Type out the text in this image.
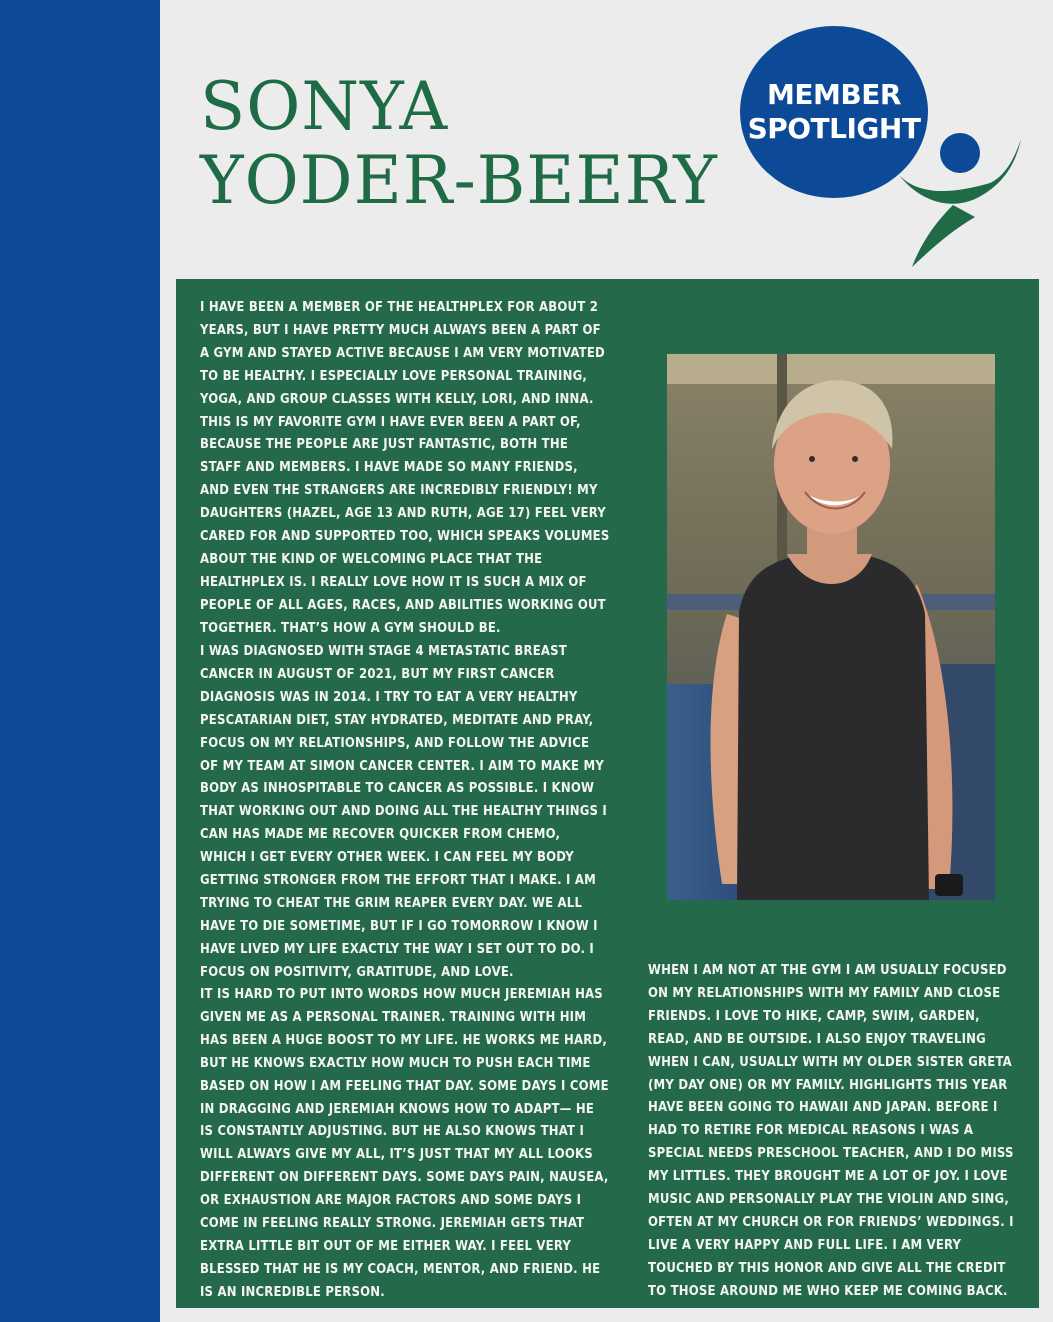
SONYA
YODER-BEERY
MEMBER
SPOTLIGHT

I HAVE BEEN A MEMBER OF THE HEALTHPLEX FOR ABOUT 2 YEARS, BUT I HAVE PRETTY MUCH ALWAYS BEEN A PART OF A GYM AND STAYED ACTIVE BECAUSE I AM VERY MOTIVATED TO BE HEALTHY. I ESPECIALLY LOVE PERSONAL TRAINING, YOGA, AND GROUP CLASSES WITH KELLY, LORI, AND INNA. THIS IS MY FAVORITE GYM I HAVE EVER BEEN A PART OF, BECAUSE THE PEOPLE ARE JUST FANTASTIC, BOTH THE STAFF AND MEMBERS. I HAVE MADE SO MANY FRIENDS, AND EVEN THE STRANGERS ARE INCREDIBLY FRIENDLY! MY DAUGHTERS (HAZEL, AGE 13 AND RUTH, AGE 17) FEEL VERY CARED FOR AND SUPPORTED TOO, WHICH SPEAKS VOLUMES ABOUT THE KIND OF WELCOMING PLACE THAT THE HEALTHPLEX IS. I REALLY LOVE HOW IT IS SUCH A MIX OF PEOPLE OF ALL AGES, RACES, AND ABILITIES WORKING OUT TOGETHER. THAT’S HOW A GYM SHOULD BE.

I WAS DIAGNOSED WITH STAGE 4 METASTATIC BREAST CANCER IN AUGUST OF 2021, BUT MY FIRST CANCER DIAGNOSIS WAS IN 2014. I TRY TO EAT A VERY HEALTHY PESCATARIAN DIET, STAY HYDRATED, MEDITATE AND PRAY, FOCUS ON MY RELATIONSHIPS, AND FOLLOW THE ADVICE OF MY TEAM AT SIMON CANCER CENTER. I AIM TO MAKE MY BODY AS INHOSPITABLE TO CANCER AS POSSIBLE. I KNOW THAT WORKING OUT AND DOING ALL THE HEALTHY THINGS I CAN HAS MADE ME RECOVER QUICKER FROM CHEMO, WHICH I GET EVERY OTHER WEEK. I CAN FEEL MY BODY GETTING STRONGER FROM THE EFFORT THAT I MAKE. I AM TRYING TO CHEAT THE GRIM REAPER EVERY DAY. WE ALL HAVE TO DIE SOMETIME, BUT IF I GO TOMORROW I KNOW I HAVE LIVED MY LIFE EXACTLY THE WAY I SET OUT TO DO. I FOCUS ON POSITIVITY, GRATITUDE, AND LOVE.

IT IS HARD TO PUT INTO WORDS HOW MUCH JEREMIAH HAS GIVEN ME AS A PERSONAL TRAINER. TRAINING WITH HIM HAS BEEN A HUGE BOOST TO MY LIFE. HE WORKS ME HARD, BUT HE KNOWS EXACTLY HOW MUCH TO PUSH EACH TIME BASED ON HOW I AM FEELING THAT DAY. SOME DAYS I COME IN DRAGGING AND JEREMIAH KNOWS HOW TO ADAPT— HE IS CONSTANTLY ADJUSTING. BUT HE ALSO KNOWS THAT I WILL ALWAYS GIVE MY ALL, IT’S JUST THAT MY ALL LOOKS DIFFERENT ON DIFFERENT DAYS. SOME DAYS PAIN, NAUSEA, OR EXHAUSTION ARE MAJOR FACTORS AND SOME DAYS I COME IN FEELING REALLY STRONG. JEREMIAH GETS THAT EXTRA LITTLE BIT OUT OF ME EITHER WAY. I FEEL VERY BLESSED THAT HE IS MY COACH, MENTOR, AND FRIEND. HE IS AN INCREDIBLE PERSON.

WHEN I AM NOT AT THE GYM I AM USUALLY FOCUSED ON MY RELATIONSHIPS WITH MY FAMILY AND CLOSE FRIENDS. I LOVE TO HIKE, CAMP, SWIM, GARDEN, READ, AND BE OUTSIDE. I ALSO ENJOY TRAVELING WHEN I CAN, USUALLY WITH MY OLDER SISTER GRETA (MY DAY ONE) OR MY FAMILY. HIGHLIGHTS THIS YEAR HAVE BEEN GOING TO HAWAII AND JAPAN. BEFORE I HAD TO RETIRE FOR MEDICAL REASONS I WAS A SPECIAL NEEDS PRESCHOOL TEACHER, AND I DO MISS MY LITTLES. THEY BROUGHT ME A LOT OF JOY. I LOVE MUSIC AND PERSONALLY PLAY THE VIOLIN AND SING, OFTEN AT MY CHURCH OR FOR FRIENDS’ WEDDINGS. I LIVE A VERY HAPPY AND FULL LIFE. I AM VERY TOUCHED BY THIS HONOR AND GIVE ALL THE CREDIT TO THOSE AROUND ME WHO KEEP ME COMING BACK.
